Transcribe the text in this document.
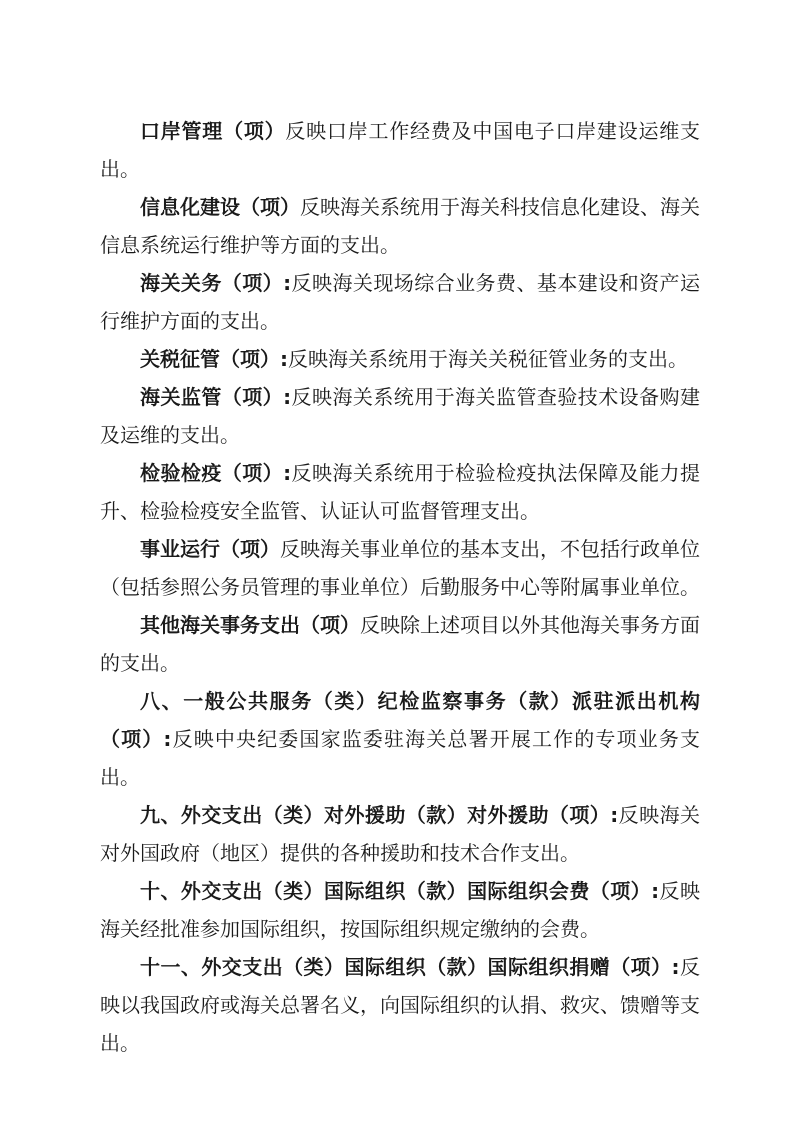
口岸管理（项）反映口岸工作经费及中国电子口岸建设运维支出。

信息化建设（项）反映海关系统用于海关科技信息化建设、海关信息系统运行维护等方面的支出。

海关关务（项）:反映海关现场综合业务费、基本建设和资产运行维护方面的支出。

关税征管（项）:反映海关系统用于海关关税征管业务的支出。

海关监管（项）:反映海关系统用于海关监管查验技术设备购建及运维的支出。

检验检疫（项）:反映海关系统用于检验检疫执法保障及能力提升、检验检疫安全监管、认证认可监督管理支出。

事业运行（项）反映海关事业单位的基本支出，不包括行政单位（包括参照公务员管理的事业单位）后勤服务中心等附属事业单位。

其他海关事务支出（项）反映除上述项目以外其他海关事务方面的支出。

八、一般公共服务（类）纪检监察事务（款）派驻派出机构（项）:反映中央纪委国家监委驻海关总署开展工作的专项业务支出。

九、外交支出（类）对外援助（款）对外援助（项）:反映海关对外国政府（地区）提供的各种援助和技术合作支出。

十、外交支出（类）国际组织（款）国际组织会费（项）:反映海关经批准参加国际组织，按国际组织规定缴纳的会费。

十一、外交支出（类）国际组织（款）国际组织捐赠（项）:反映以我国政府或海关总署名义，向国际组织的认捐、救灾、馈赠等支出。
